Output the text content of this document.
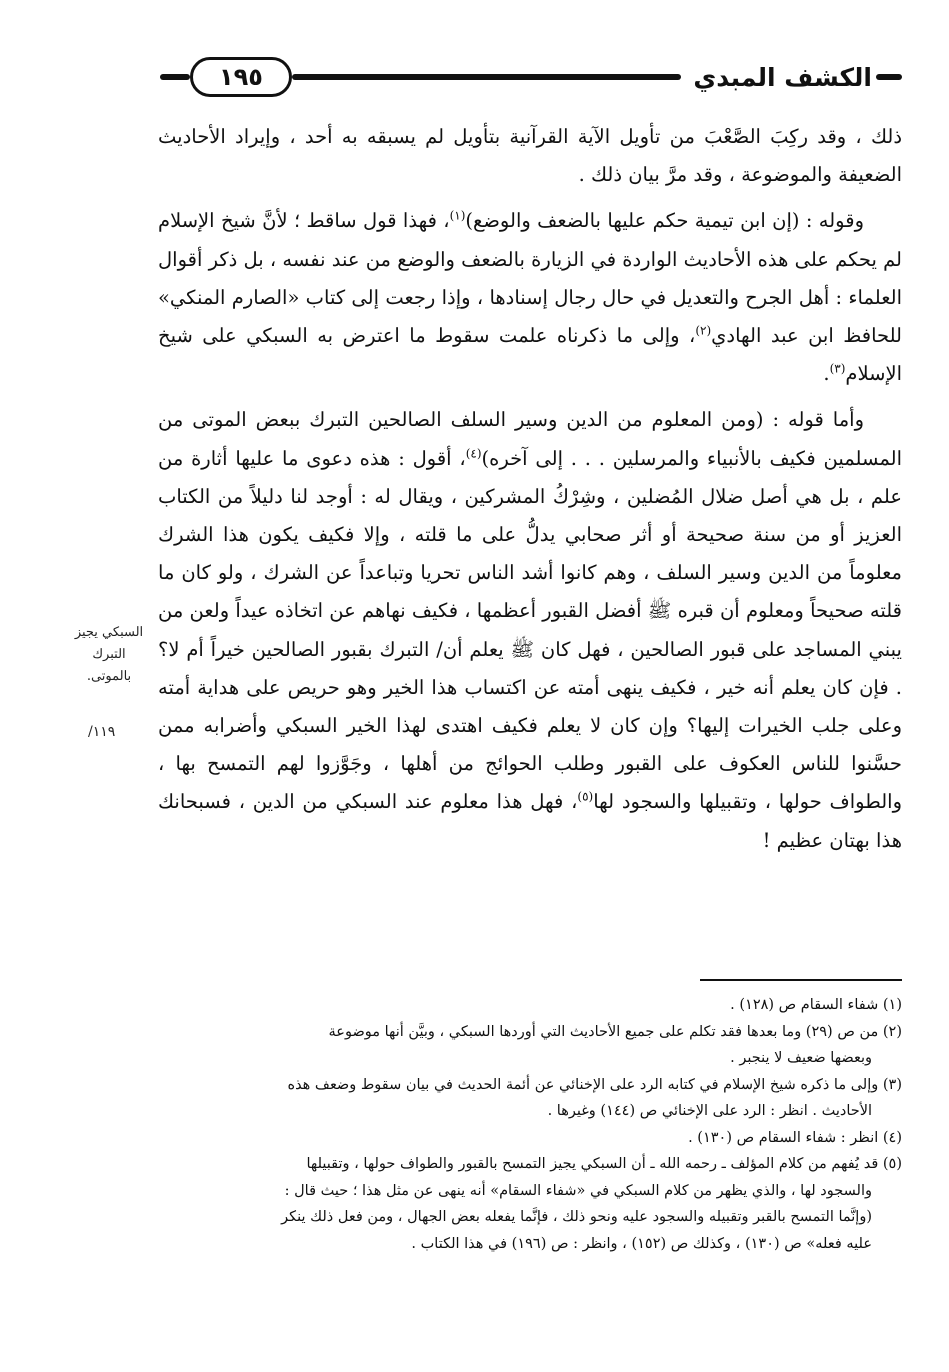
الكشف المبدي
١٩٥

ذلك ، وقد ركِبَ الصَّعْبَ من تأويل الآية القرآنية بتأويل لم يسبقه به أحد ، وإيراد الأحاديث الضعيفة والموضوعة ، وقد مرَّ بيان ذلك .

وقوله : (إن ابن تيمية حكم عليها بالضعف والوضع)$^{(١)}$، فهذا قول ساقط ؛ لأنَّ شيخ الإسلام لم يحكم على هذه الأحاديث الواردة في الزيارة بالضعف والوضع من عند نفسه ، بل ذكر أقوال العلماء : أهل الجرح والتعديل في حال رجال إسنادها ، وإذا رجعت إلى كتاب «الصارم المنكي» للحافظ ابن عبد الهادي$^{(٢)}$، وإلى ما ذكرناه علمت سقوط ما اعترض به السبكي على شيخ الإسلام$^{(٣)}$.

وأما قوله : (ومن المعلوم من الدين وسير السلف الصالحين التبرك ببعض الموتى من المسلمين فكيف بالأنبياء والمرسلين . . . إلى آخره)$^{(٤)}$، أقول : هذه دعوى ما عليها أثارة من علم ، بل هي أصل ضلال المُضلين ، وشِرْكُ المشركين ، ويقال له : أوجد لنا دليلاً من الكتاب العزيز أو من سنة صحيحة أو أثر صحابي يدلُّ على ما قلته ، وإلا فكيف يكون هذا الشرك معلوماً من الدين وسير السلف ، وهم كانوا أشد الناس تحريا وتباعداً عن الشرك ، ولو كان ما قلته صحيحاً ومعلوم أن قبره ﷺ أفضل القبور أعظمها ، فكيف نهاهم عن اتخاذه عيداً ولعن من يبني المساجد على قبور الصالحين ، فهل كان ﷺ يعلم أن/ التبرك بقبور الصالحين خيراً أم لا؟ . فإن كان يعلم أنه خير ، فكيف ينهى أمته عن اكتساب هذا الخير وهو حريص على هداية أمته وعلى جلب الخيرات إليها؟ وإن كان لا يعلم فكيف اهتدى لهذا الخير السبكي وأضرابه ممن حسَّنوا للناس العكوف على القبور وطلب الحوائج من أهلها ، وجَوَّزوا لهم التمسح بها ، والطواف حولها ، وتقبيلها والسجود لها$^{(٥)}$، فهل هذا معلوم عند السبكي من الدين ، فسبحانك هذا بهتان عظيم !

السبكي يجيز
التبرك
بالموتى.
١١٩/

(١) شفاء السقام ص (١٢٨) .

(٢) من ص (٢٩) وما بعدها فقد تكلم على جميع الأحاديث التي أوردها السبكي ، وبيَّن أنها موضوعة

وبعضها ضعيف لا ينجبر .

(٣) وإلى ما ذكره شيخ الإسلام في كتابه الرد على الإخنائي عن أئمة الحديث في بيان سقوط وضعف هذه

الأحاديث . انظر : الرد على الإخنائي ص (١٤٤) وغيرها .

(٤) انظر : شفاء السقام ص (١٣٠) .

(٥) قد يُفهم من كلام المؤلف ـ رحمه الله ـ أن السبكي يجيز التمسح بالقبور والطواف حولها ، وتقبيلها

والسجود لها ، والذي يظهر من كلام السبكي في «شفاء السقام» أنه ينهى عن مثل هذا ؛ حيث قال :

(وإنَّما التمسح بالقبر وتقبيله والسجود عليه ونحو ذلك ، فإنَّما يفعله بعض الجهال ، ومن فعل ذلك ينكر

عليه فعله» ص (١٣٠) ، وكذلك ص (١٥٢) ، وانظر : ص (١٩٦) في هذا الكتاب .
